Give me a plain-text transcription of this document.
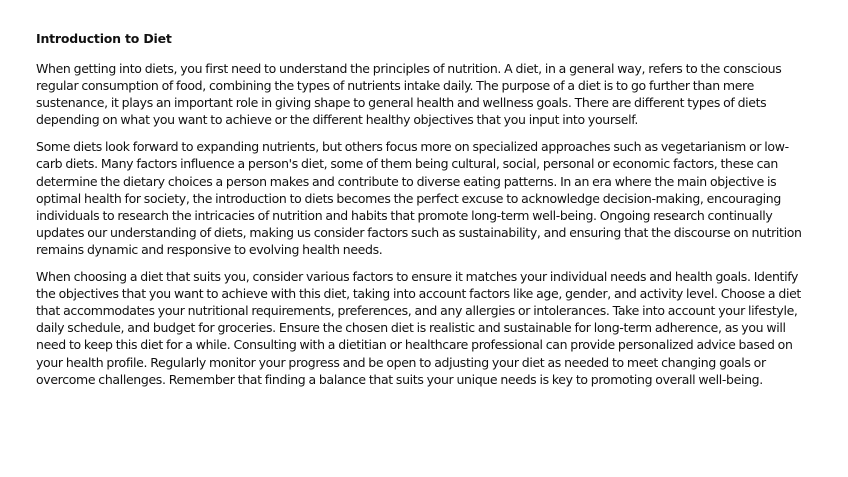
Introduction to Diet

When getting into diets, you first need to understand the principles of nutrition. A diet, in a general way, refers to the conscious regular consumption of food, combining the types of nutrients intake daily. The purpose of a diet is to go further than mere sustenance, it plays an important role in giving shape to general health and wellness goals. There are different types of diets depending on what you want to achieve or the different healthy objectives that you input into yourself.

Some diets look forward to expanding nutrients, but others focus more on specialized approaches such as vegetarianism or low-carb diets. Many factors influence a person's diet, some of them being cultural, social, personal or economic factors, these can determine the dietary choices a person makes and contribute to diverse eating patterns. In an era where the main objective is optimal health for society, the introduction to diets becomes the perfect excuse to acknowledge decision-making, encouraging individuals to research the intricacies of nutrition and habits that promote long-term well-being. Ongoing research continually updates our understanding of diets, making us consider factors such as sustainability, and ensuring that the discourse on nutrition remains dynamic and responsive to evolving health needs.

When choosing a diet that suits you, consider various factors to ensure it matches your individual needs and health goals. Identify the objectives that you want to achieve with this diet, taking into account factors like age, gender, and activity level. Choose a diet that accommodates your nutritional requirements, preferences, and any allergies or intolerances. Take into account your lifestyle, daily schedule, and budget for groceries. Ensure the chosen diet is realistic and sustainable for long-term adherence, as you will need to keep this diet for a while. Consulting with a dietitian or healthcare professional can provide personalized advice based on your health profile. Regularly monitor your progress and be open to adjusting your diet as needed to meet changing goals or overcome challenges. Remember that finding a balance that suits your unique needs is key to promoting overall well-being.
